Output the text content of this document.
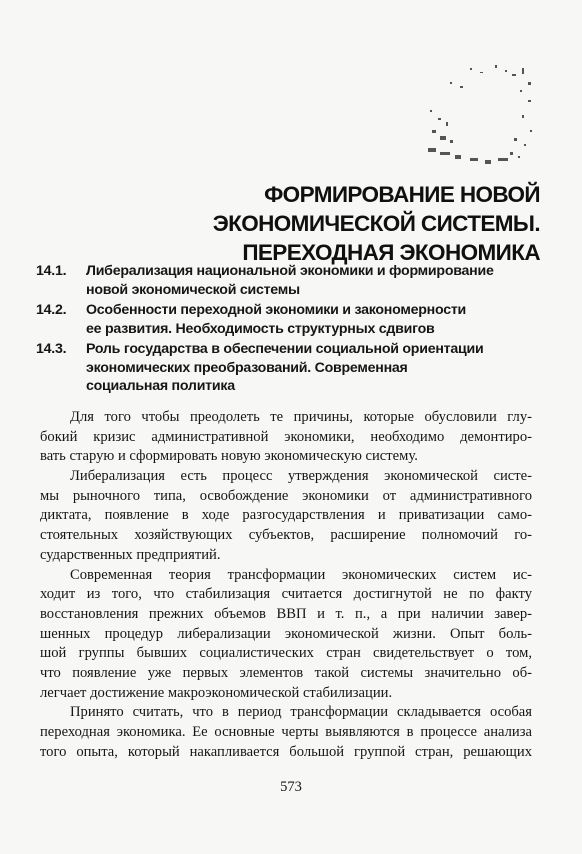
ФОРМИРОВАНИЕ НОВОЙ
ЭКОНОМИЧЕСКОЙ СИСТЕМЫ.
ПЕРЕХОДНАЯ ЭКОНОМИКА
14.1. Либерализация национальной экономики и формирование
новой экономической системы
14.2. Особенности переходной экономики и закономерности
ее развития. Необходимость структурных сдвигов
14.3. Роль государства в обеспечении социальной ориентации
экономических преобразований. Современная
социальная политика
Для того чтобы преодолеть те причины, которые обусловили глу-
бокий кризис административной экономики, необходимо демонтиро-
вать старую и сформировать новую экономическую систему.
Либерализация есть процесс утверждения экономической систе-
мы рыночного типа, освобождение экономики от административного
диктата, появление в ходе разгосударствления и приватизации само-
стоятельных хозяйствующих субъектов, расширение полномочий го-
сударственных предприятий.
Современная теория трансформации экономических систем ис-
ходит из того, что стабилизация считается достигнутой не по факту
восстановления прежних объемов ВВП и т. п., а при наличии завер-
шенных процедур либерализации экономической жизни. Опыт боль-
шой группы бывших социалистических стран свидетельствует о том,
что появление уже первых элементов такой системы значительно об-
легчает достижение макроэкономической стабилизации.
Принято считать, что в период трансформации складывается особая
переходная экономика. Ее основные черты выявляются в процессе анализа
того опыта, который накапливается большой группой стран, решающих
573
